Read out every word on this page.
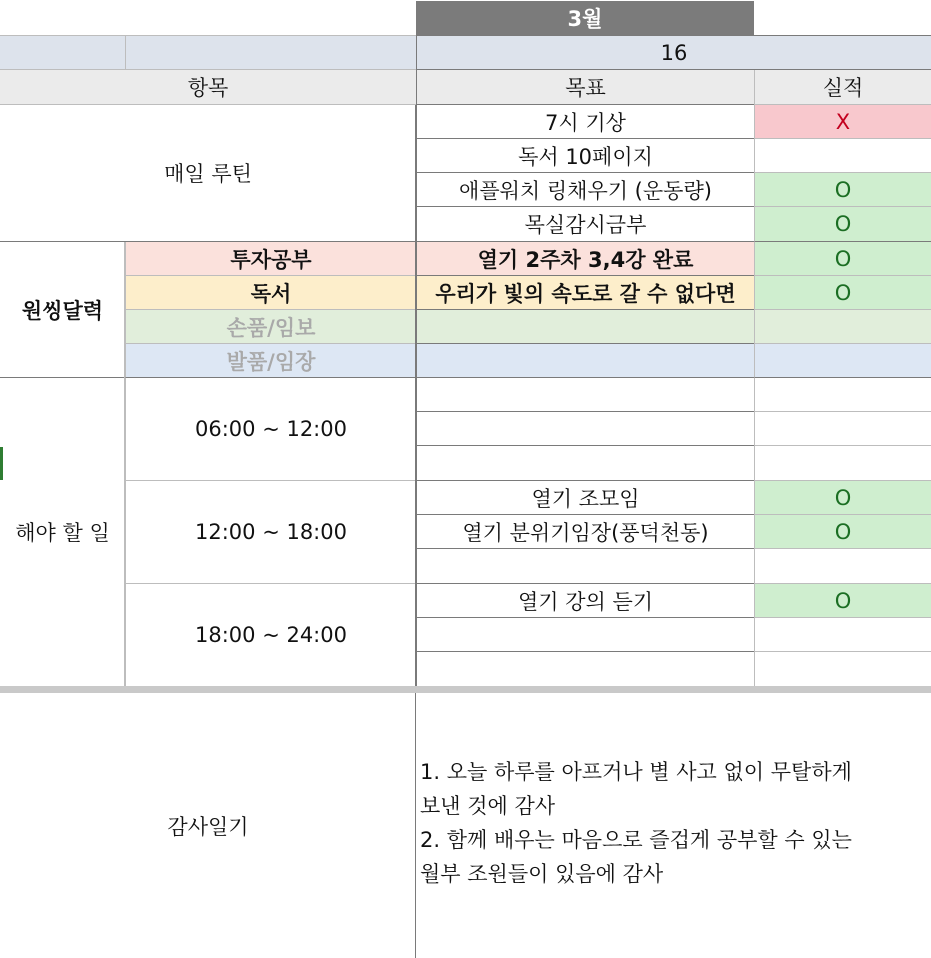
3월
16
항목	목표	실적
매일 루틴
7시 기상	X
독서 10페이지
애플워치 링채우기 (운동량)	O
목실감시금부	O
원씽달력
투자공부	열기 2주차 3,4강 완료	O
독서	우리가 빛의 속도로 갈 수 없다면	O
손품/임보
발품/임장
해야 할 일
06:00 ~ 12:00
12:00 ~ 18:00
열기 조모임	O
열기 분위기임장(풍덕천동)	O
18:00 ~ 24:00
열기 강의 듣기	O
감사일기
1. 오늘 하루를 아프거나 별 사고 없이 무탈하게
보낸 것에 감사
2. 함께 배우는 마음으로 즐겁게 공부할 수 있는
월부 조원들이 있음에 감사
